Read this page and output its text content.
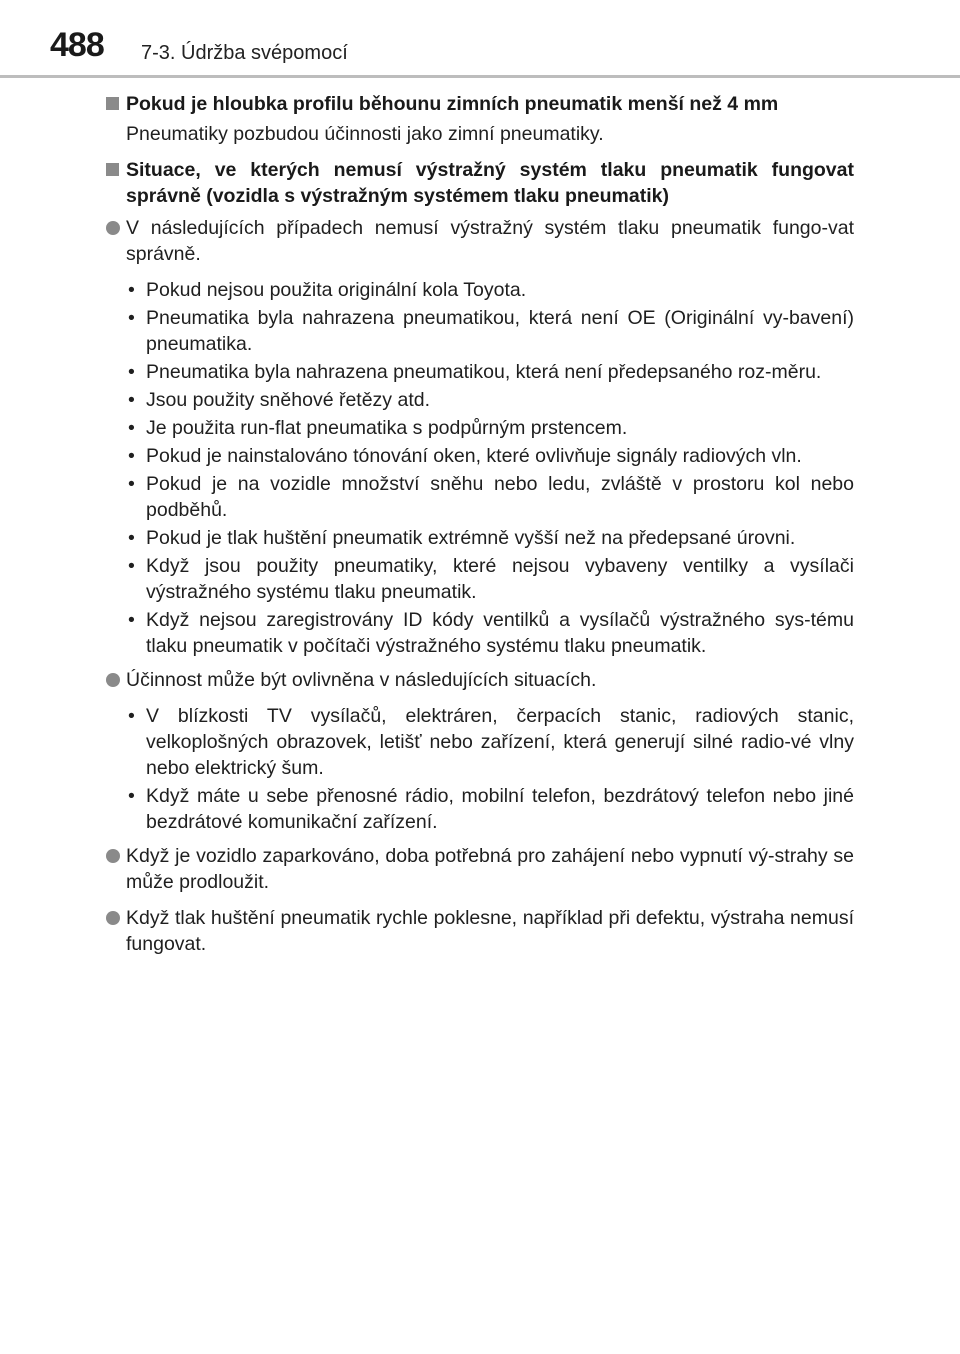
488 7-3. Údržba svépomocí
Pokud je hloubka profilu běhounu zimních pneumatik menší než 4 mm
Pneumatiky pozbudou účinnosti jako zimní pneumatiky.
Situace, ve kterých nemusí výstražný systém tlaku pneumatik fungovat správně (vozidla s výstražným systémem tlaku pneumatik)
V následujících případech nemusí výstražný systém tlaku pneumatik fungo-vat správně.
• Pokud nejsou použita originální kola Toyota.
• Pneumatika byla nahrazena pneumatikou, která není OE (Originální vy-bavení) pneumatika.
• Pneumatika byla nahrazena pneumatikou, která není předepsaného roz-měru.
• Jsou použity sněhové řetězy atd.
• Je použita run-flat pneumatika s podpůrným prstencem.
• Pokud je nainstalováno tónování oken, které ovlivňuje signály radiových vln.
• Pokud je na vozidle množství sněhu nebo ledu, zvláště v prostoru kol nebo podběhů.
• Pokud je tlak huštění pneumatik extrémně vyšší než na předepsané úrovni.
• Když jsou použity pneumatiky, které nejsou vybaveny ventilky a vysílači výstražného systému tlaku pneumatik.
• Když nejsou zaregistrovány ID kódy ventilků a vysílačů výstražného sys-tému tlaku pneumatik v počítači výstražného systému tlaku pneumatik.
Účinnost může být ovlivněna v následujících situacích.
• V blízkosti TV vysílačů, elektráren, čerpacích stanic, radiových stanic, velkoplošných obrazovek, letišť nebo zařízení, která generují silné radio-vé vlny nebo elektrický šum.
• Když máte u sebe přenosné rádio, mobilní telefon, bezdrátový telefon nebo jiné bezdrátové komunikační zařízení.
Když je vozidlo zaparkováno, doba potřebná pro zahájení nebo vypnutí vý-strahy se může prodloužit.
Když tlak huštění pneumatik rychle poklesne, například při defektu, výstraha nemusí fungovat.
